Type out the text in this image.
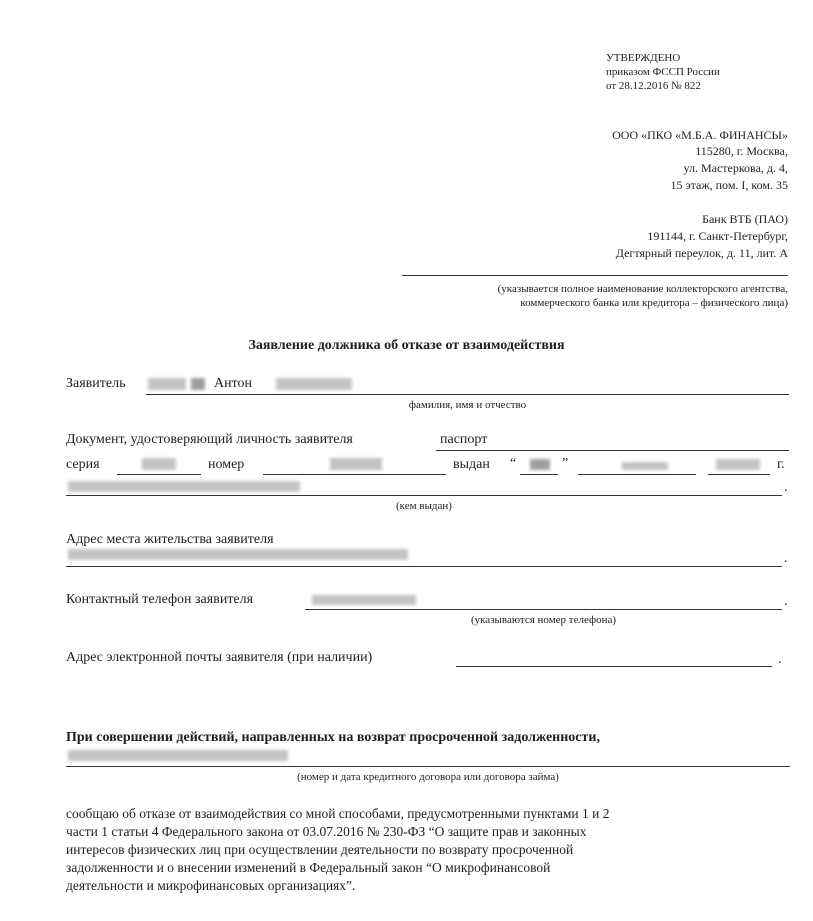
УТВЕРЖДЕНО
приказом ФССП России
от 28.12.2016 № 822
ООО «ПКО «М.Б.А. ФИНАНСЫ»
115280, г. Москва,
ул. Мастеркова, д. 4,
15 этаж, пом. I, ком. 35
Банк ВТБ (ПАО)
191144, г. Санкт-Петербург,
Дегтярный переулок, д. 11, лит. А
(указывается полное наименование коллекторского агентства,
коммерческого банка или кредитора – физического лица)
Заявление должника об отказе от взаимодействия
Заявитель	Антон
фамилия, имя и отчество
Документ, удостоверяющий личность заявителя	паспорт
серия	номер	выдан “	”	г.
.
(кем выдан)
Адрес места жительства заявителя
.
Контактный телефон заявителя	.
(указываются номер телефона)
Адрес электронной почты заявителя (при наличии)	.
При совершении действий, направленных на возврат просроченной задолженности,
(номер и дата кредитного договора или договора займа)
сообщаю об отказе от взаимодействия со мной способами, предусмотренными пунктами 1 и 2
части 1 статьи 4 Федерального закона от 03.07.2016 № 230-ФЗ “О защите прав и законных
интересов физических лиц при осуществлении деятельности по возврату просроченной
задолженности и о внесении изменений в Федеральный закон “О микрофинансовой
деятельности и микрофинансовых организациях”.
